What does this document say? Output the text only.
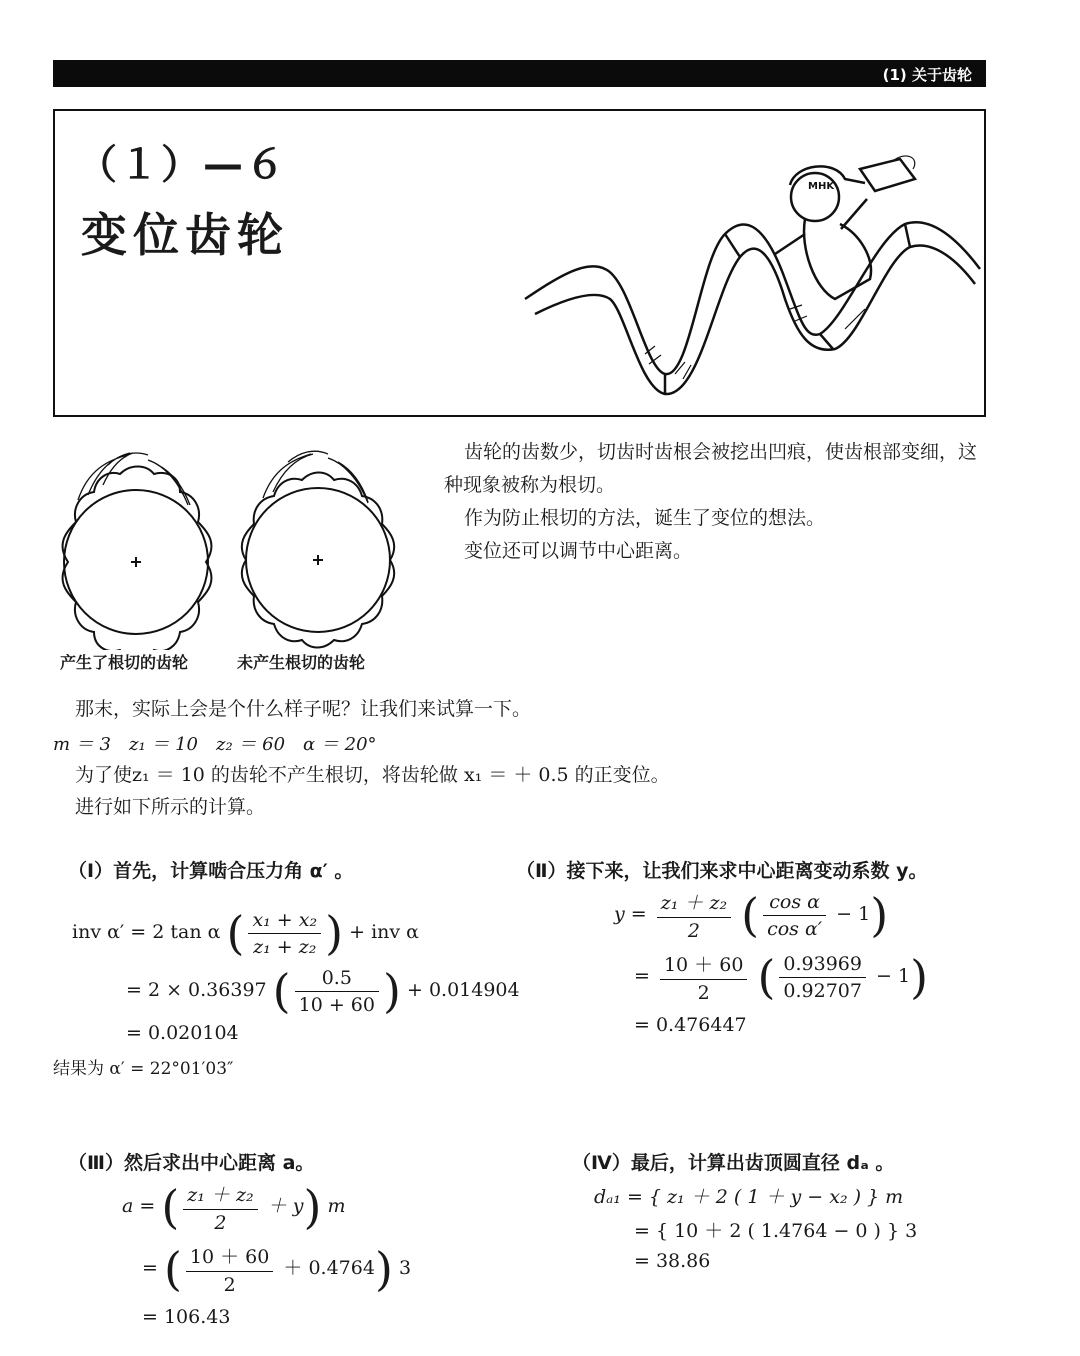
(1) 关于齿轮
（１）—６
变位齿轮
MHK
产生了根切的齿轮	未产生根切的齿轮

齿轮的齿数少，切齿时齿根会被挖出凹痕，使齿根部变细，这种现象被称为根切。

作为防止根切的方法，诞生了变位的想法。

变位还可以调节中心距离。

那末，实际上会是个什么样子呢？让我们来试算一下。
m ＝ 3　z₁ ＝ 10　z₂ ＝ 60　α ＝ 20°
为了使z₁ ＝ 10 的齿轮不产生根切，将齿轮做 x₁ ＝ ＋ 0.5 的正变位。
进行如下所示的计算。
（Ⅰ）首先，计算啮合压力角 α′ 。
inv α′ = 2 tan α ( $\frac{\text{x₁ + x₂}}{\text{z₁ + z₂}}$ ) + inv α
= 2 × 0.36397 ( $\frac{0.5}{10 + 60}$ ) + 0.014904
= 0.020104
结果为 α′ = 22°01′03″
（Ⅱ）接下来，让我们来求中心距离变动系数 y。
$y = \frac{\text{z₁ ＋ z₂}}{2}$ ( $\frac{\text{cos α}}{\text{cos α′}} - 1$)
= $\frac{10 + 60}{2}$ ( $\frac{0.93969}{0.92707} - 1$)
= 0.476447
（Ⅲ）然后求出中心距离 a。
a = ( $\frac{\text{z₁ ＋ z₂}}{2} + y$) m
= ( $\frac{10 + 60}{2} + 0.4764$) 3
= 106.43
（Ⅳ）最后，计算出齿顶圆直径 dₐ 。
dₐ₁ = { z₁ ＋ 2 ( 1 ＋ y − x₂ ) } m
= { 10 ＋ 2 ( 1.4764 − 0 ) } 3
= 38.86
